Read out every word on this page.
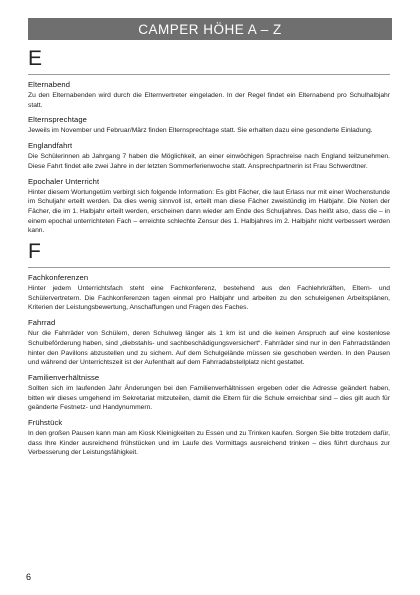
CAMPER HÖHE A – Z
E
Elternabend

Zu den Elternabenden wird durch die Elternvertreter eingeladen. In der Regel findet ein Elternabend pro Schulhalbjahr statt.

Elternsprechtage

Jeweils im November und Februar/März finden Elternsprechtage statt. Sie erhalten dazu eine gesonderte Einladung.

Englandfahrt

Die Schülerinnen ab Jahrgang 7 haben die Möglichkeit, an einer einwöchigen Sprachreise nach England teilzunehmen. Diese Fahrt findet alle zwei Jahre in der letzten Sommerferienwoche statt. Ansprechpartnerin ist Frau Schwerdtner.

Epochaler Unterricht

Hinter diesem Wortungetüm verbirgt sich folgende Information: Es gibt Fächer, die laut Erlass nur mit einer Wochenstunde im Schuljahr erteilt werden. Da dies wenig sinnvoll ist, erteilt man diese Fächer zweistündig im Halbjahr. Die Noten der Fächer, die im 1. Halbjahr erteilt werden, erscheinen dann wieder am Ende des Schuljahres. Das heißt also, dass die – in einem epochal unterrichteten Fach – erreichte schlechte Zensur des 1. Halbjahres im 2. Halbjahr nicht verbessert werden kann.

F
Fachkonferenzen

Hinter jedem Unterrichtsfach steht eine Fachkonferenz, bestehend aus den Fachlehrkräften, Eltern- und Schülervertretern. Die Fachkonferenzen tagen einmal pro Halbjahr und arbeiten zu den schuleigenen Arbeitsplänen, Kriterien der Leistungsbewertung, Anschaffungen und Fragen des Faches.

Fahrrad

Nur die Fahrräder von Schülern, deren Schulweg länger als 1 km ist und die keinen Anspruch auf eine kostenlose Schulbeförderung haben, sind „diebstahls- und sachbeschädigungsversichert“. Fahrräder sind nur in den Fahrradständen hinter den Pavillons abzustellen und zu sichern. Auf dem Schulgelände müssen sie geschoben werden. In den Pausen und während der Unterrichtszeit ist der Aufenthalt auf dem Fahrradabstellplatz nicht gestattet.

Familienverhältnisse

Sollten sich im laufenden Jahr Änderungen bei den Familienverhältnissen ergeben oder die Adresse geändert haben, bitten wir dieses umgehend im Sekretariat mitzuteilen, damit die Eltern für die Schule erreichbar sind – dies gilt auch für geänderte Festnetz- und Handynummern.

Frühstück

In den großen Pausen kann man am Kiosk Kleinigkeiten zu Essen und zu Trinken kaufen. Sorgen Sie bitte trotzdem dafür, dass Ihre Kinder ausreichend frühstücken und im Laufe des Vormittags ausreichend trinken – dies führt durchaus zur Verbesserung der Leistungsfähigkeit.

6
